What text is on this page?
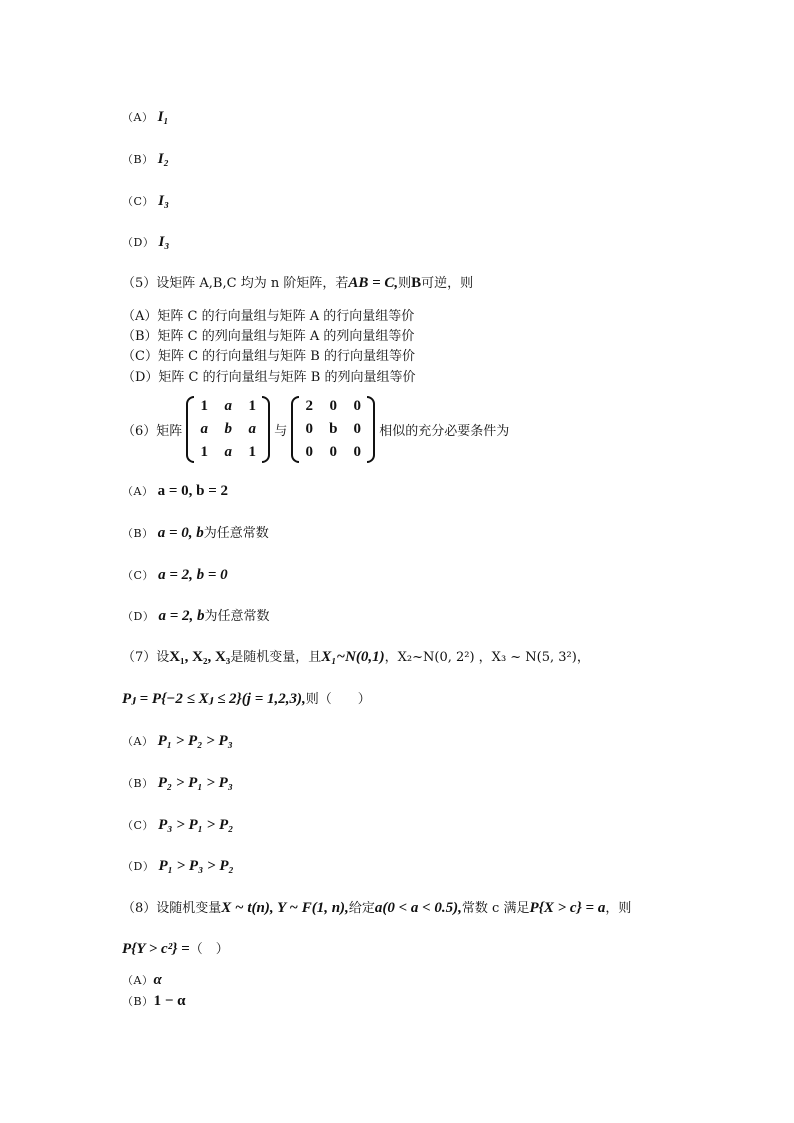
（A） I₁
（B） I₂
（C） I₃
（D） I₃
（5）设矩阵 A,B,C 均为 n 阶矩阵，若AB = C,则B可逆，则
（A）矩阵 C 的行向量组与矩阵 A 的行向量组等价
（B）矩阵 C 的列向量组与矩阵 A 的列向量组等价
（C）矩阵 C 的行向量组与矩阵 B 的行向量组等价
（D）矩阵 C 的行向量组与矩阵 B 的列向量组等价
（6）矩阵
1	a	1
a	b	a
1	a	1
与
2	0	0
0	b	0
0	0	0
相似的充分必要条件为
（A） a = 0, b = 2
（B） a = 0, b为任意常数
（C） a = 2, b = 0
（D） a = 2, b为任意常数
（7）设X₁, X₂, X₃是随机变量，且X₁~N(0,1)，X₂~N(0, 2²) ，X₃ ~ N(5, 3²)，
Pⱼ = P{−2 ≤ Xⱼ ≤ 2}(j = 1,2,3),则（　　）
（A） P₁ > P₂ > P₃
（B） P₂ > P₁ > P₃
（C） P₃ > P₁ > P₂
（D） P₁ > P₃ > P₂
（8）设随机变量X ~ t(n), Y ~ F(1, n),给定a(0 < a < 0.5),常数 c 满足P{X > c} = a，则
P{Y > c²} =（　）
（A）α
（B）1 − α
